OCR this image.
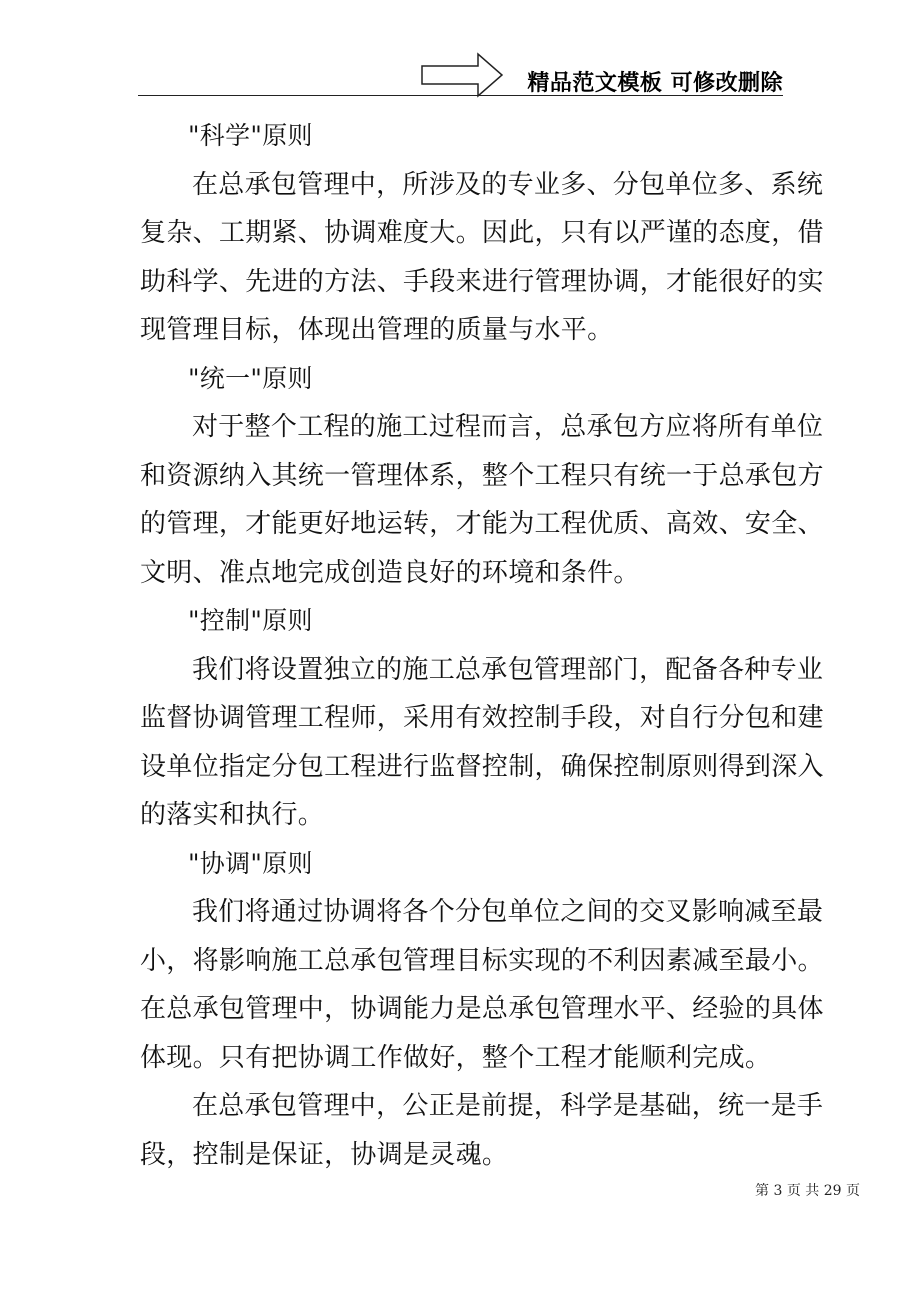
精品范文模板 可修改删除
"科学"原则
在总承包管理中，所涉及的专业多、分包单位多、系统
复杂、工期紧、协调难度大。因此，只有以严谨的态度，借
助科学、先进的方法、手段来进行管理协调，才能很好的实
现管理目标，体现出管理的质量与水平。
"统一"原则
对于整个工程的施工过程而言，总承包方应将所有单位
和资源纳入其统一管理体系，整个工程只有统一于总承包方
的管理，才能更好地运转，才能为工程优质、高效、安全、
文明、准点地完成创造良好的环境和条件。
"控制"原则
我们将设置独立的施工总承包管理部门，配备各种专业
监督协调管理工程师，采用有效控制手段，对自行分包和建
设单位指定分包工程进行监督控制，确保控制原则得到深入
的落实和执行。
"协调"原则
我们将通过协调将各个分包单位之间的交叉影响减至最
小，将影响施工总承包管理目标实现的不利因素减至最小。
在总承包管理中，协调能力是总承包管理水平、经验的具体
体现。只有把协调工作做好，整个工程才能顺利完成。
在总承包管理中，公正是前提，科学是基础，统一是手
段，控制是保证，协调是灵魂。
第 3 页 共 29 页
